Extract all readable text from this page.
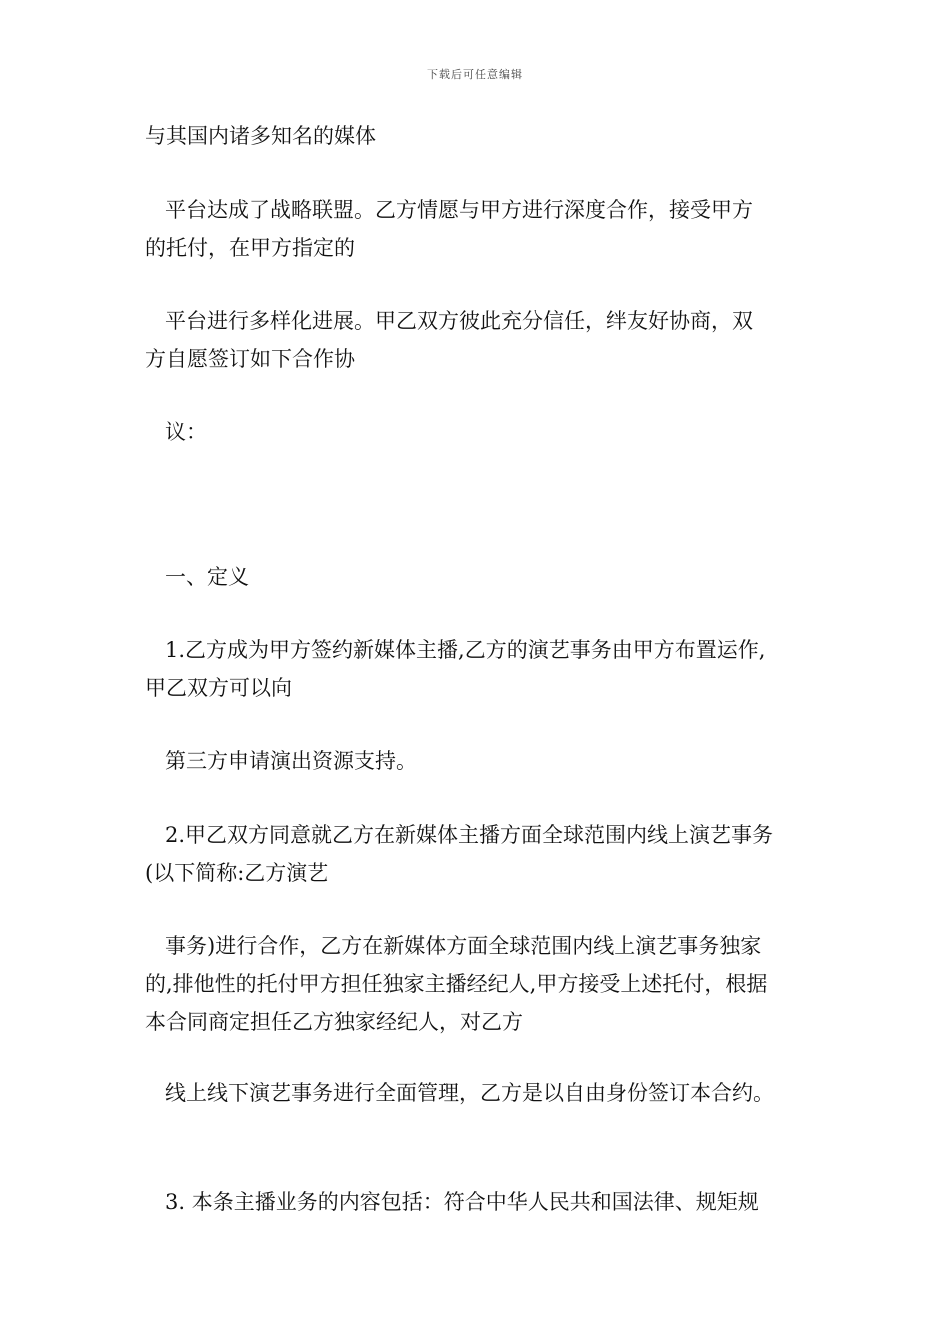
下载后可任意编辑
与其国内诸多知名的媒体
平台达成了战略联盟。乙方情愿与甲方进行深度合作，接受甲方
的托付，在甲方指定的
平台进行多样化进展。甲乙双方彼此充分信任，绊友好协商，双
方自愿签订如下合作协
议：
一、定义
1.乙方成为甲方签约新媒体主播,乙方的演艺事务由甲方布置运作,
甲乙双方可以向
第三方申请演出资源支持。
2.甲乙双方同意就乙方在新媒体主播方面全球范围内线上演艺事务
(以下简称:乙方演艺
事务)进行合作，乙方在新媒体方面全球范围内线上演艺事务独家
的,排他性的托付甲方担任独家主播经纪人,甲方接受上述托付，根据
本合同商定担任乙方独家经纪人，对乙方
线上线下演艺事务进行全面管理，乙方是以自由身份签订本合约。
3. 本条主播业务的内容包括：符合中华人民共和国法律、规矩规
